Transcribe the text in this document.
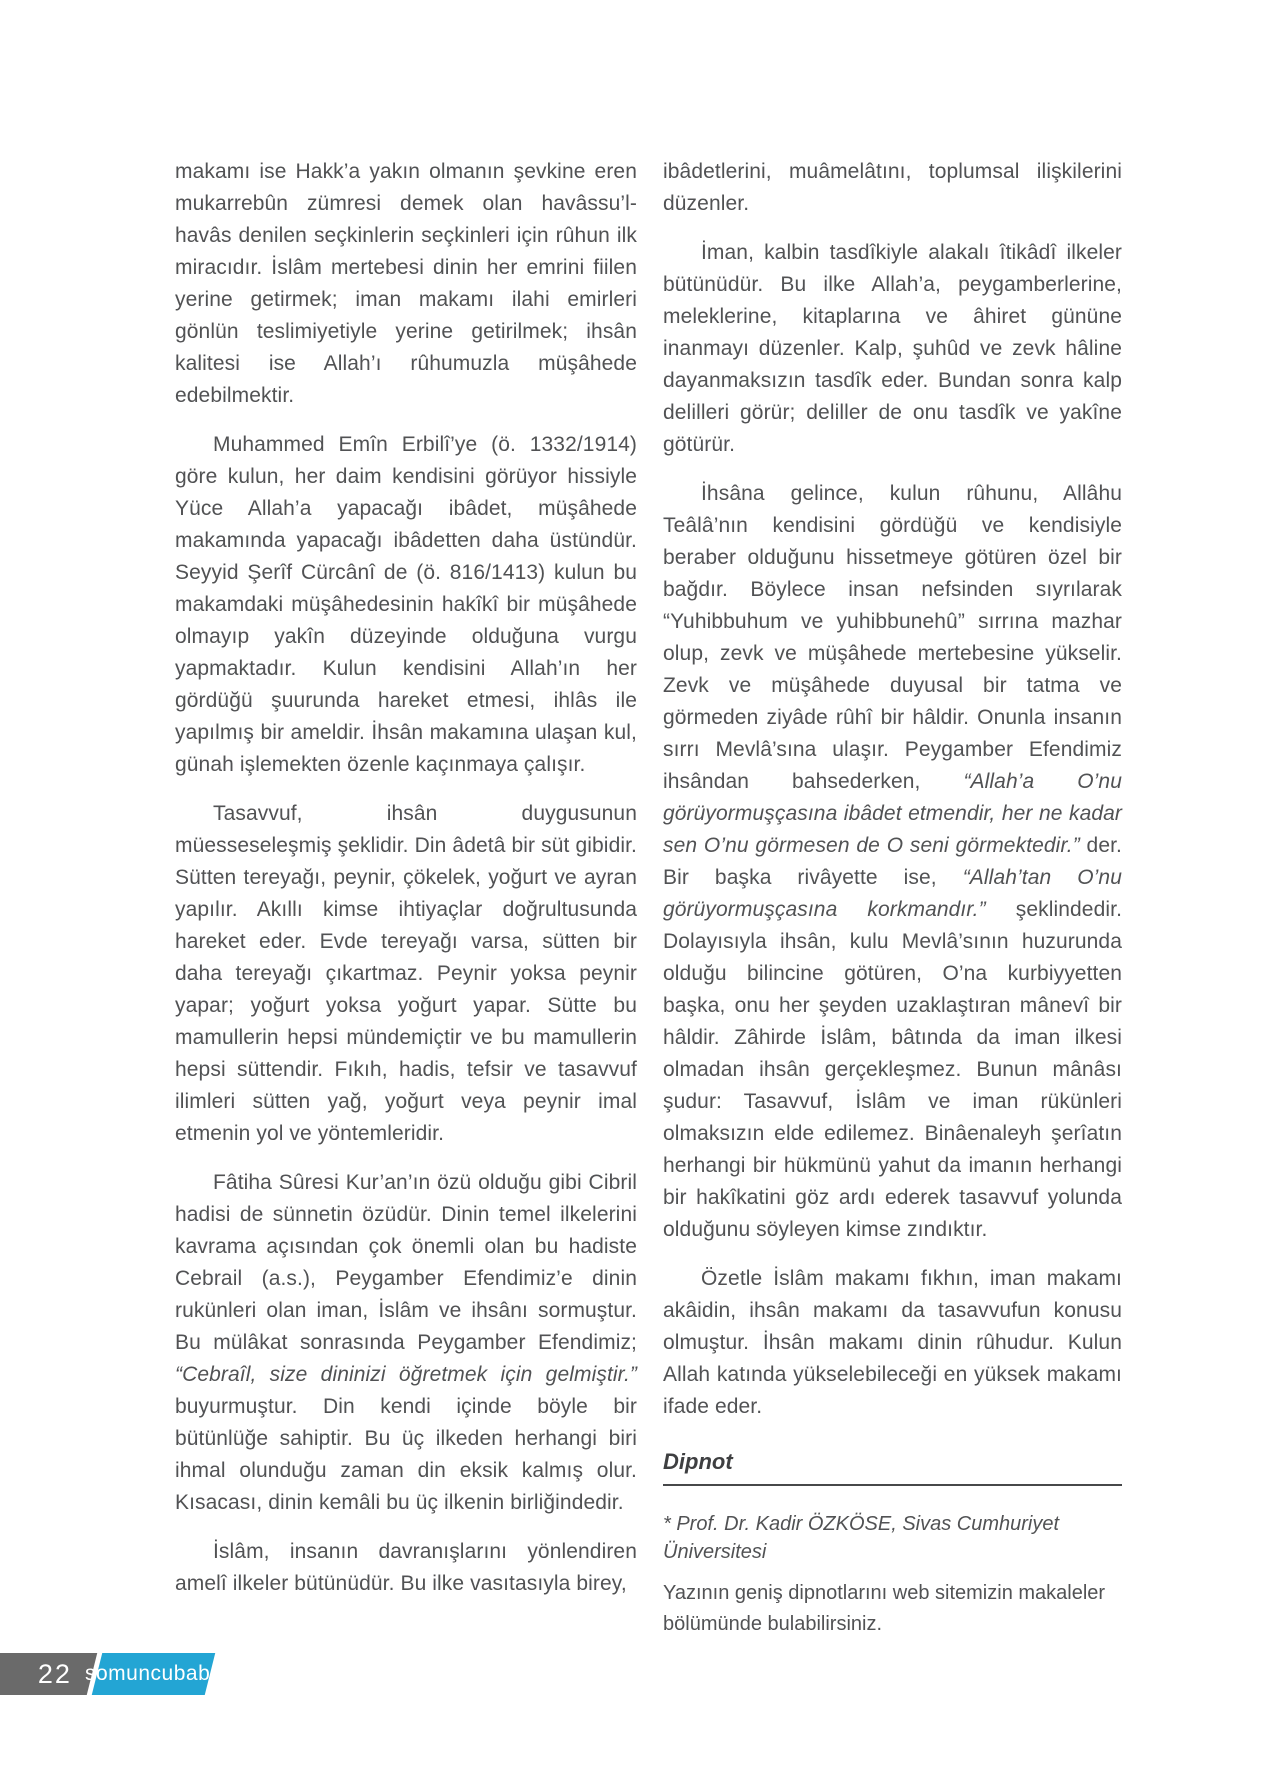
makamı ise Hakk’a yakın olmanın şevkine eren mukarrebûn zümresi demek olan havâssu’l-havâs denilen seçkinlerin seçkinleri için rûhun ilk miracıdır. İslâm mertebesi dinin her emrini fiilen yerine getirmek; iman makamı ilahi emirleri gönlün teslimiyetiyle yerine getirilmek; ihsân kalitesi ise Allah’ı rûhumuzla müşâhede edebilmektir.

Muhammed Emîn Erbilî’ye (ö. 1332/1914) göre kulun, her daim kendisini görüyor hissiyle Yüce Allah’a yapacağı ibâdet, müşâhede makamında yapacağı ibâdetten daha üstündür. Seyyid Şerîf Cürcânî de (ö. 816/1413) kulun bu makamdaki müşâhedesinin hakîkî bir müşâhede olmayıp yakîn düzeyinde olduğuna vurgu yapmaktadır. Kulun kendisini Allah’ın her gördüğü şuurunda hareket etmesi, ihlâs ile yapılmış bir ameldir. İhsân makamına ulaşan kul, günah işlemekten özenle kaçınmaya çalışır.

Tasavvuf, ihsân duygusunun müesseseleşmiş şeklidir. Din âdetâ bir süt gibidir. Sütten tereyağı, peynir, çökelek, yoğurt ve ayran yapılır. Akıllı kimse ihtiyaçlar doğrultusunda hareket eder. Evde tereyağı varsa, sütten bir daha tereyağı çıkartmaz. Peynir yoksa peynir yapar; yoğurt yoksa yoğurt yapar. Sütte bu mamullerin hepsi mündemiçtir ve bu mamullerin hepsi süttendir. Fıkıh, hadis, tefsir ve tasavvuf ilimleri sütten yağ, yoğurt veya peynir imal etmenin yol ve yöntemleridir.

Fâtiha Sûresi Kur’an’ın özü olduğu gibi Cibril hadisi de sünnetin özüdür. Dinin temel ilkelerini kavrama açısından çok önemli olan bu hadiste Cebrail (a.s.), Peygamber Efendimiz’e dinin rukünleri olan iman, İslâm ve ihsânı sormuştur. Bu mülâkat sonrasında Peygamber Efendimiz; “Cebraîl, size dininizi öğretmek için gelmiştir.” buyurmuştur. Din kendi içinde böyle bir bütünlüğe sahiptir. Bu üç ilkeden herhangi biri ihmal olunduğu zaman din eksik kalmış olur. Kısacası, dinin kemâli bu üç ilkenin birliğindedir.

İslâm, insanın davranışlarını yönlendiren amelî ilkeler bütünüdür. Bu ilke vasıtasıyla birey,

ibâdetlerini, muâmelâtını, toplumsal ilişkilerini düzenler.

İman, kalbin tasdîkiyle alakalı îtikâdî ilkeler bütünüdür. Bu ilke Allah’a, peygamberlerine, meleklerine, kitaplarına ve âhiret gününe inanmayı düzenler. Kalp, şuhûd ve zevk hâline dayanmaksızın tasdîk eder. Bundan sonra kalp delilleri görür; deliller de onu tasdîk ve yakîne götürür.

İhsâna gelince, kulun rûhunu, Allâhu Teâlâ’nın kendisini gördüğü ve kendisiyle beraber olduğunu hissetmeye götüren özel bir bağdır. Böylece insan nefsinden sıyrılarak “Yuhibbuhum ve yuhibbunehû” sırrına mazhar olup, zevk ve müşâhede mertebesine yükselir. Zevk ve müşâhede duyusal bir tatma ve görmeden ziyâde rûhî bir hâldir. Onunla insanın sırrı Mevlâ’sına ulaşır. Peygamber Efendimiz ihsândan bahsederken, “Allah’a O’nu görüyormuşçasına ibâdet etmendir, her ne kadar sen O’nu görmesen de O seni görmektedir.” der. Bir başka rivâyette ise, “Allah’tan O’nu görüyormuşçasına korkmandır.” şeklindedir. Dolayısıyla ihsân, kulu Mevlâ’sının huzurunda olduğu bilincine götüren, O’na kurbiyyetten başka, onu her şeyden uzaklaştıran mânevî bir hâldir. Zâhirde İslâm, bâtında da iman ilkesi olmadan ihsân gerçekleşmez. Bunun mânâsı şudur: Tasavvuf, İslâm ve iman rükünleri olmaksızın elde edilemez. Binâenaleyh şerîatın herhangi bir hükmünü yahut da imanın herhangi bir hakîkatini göz ardı ederek tasavvuf yolunda olduğunu söyleyen kimse zındıktır.

Özetle İslâm makamı fıkhın, iman makamı akâidin, ihsân makamı da tasavvufun konusu olmuştur. İhsân makamı dinin rûhudur. Kulun Allah katında yükselebileceği en yüksek makamı ifade eder.

Dipnot

* Prof. Dr. Kadir ÖZKÖSE, Sivas Cumhuriyet Üniversitesi

Yazının geniş dipnotlarını web sitemizin makaleler bölümünde bulabilirsiniz.

22 somuncubaba
